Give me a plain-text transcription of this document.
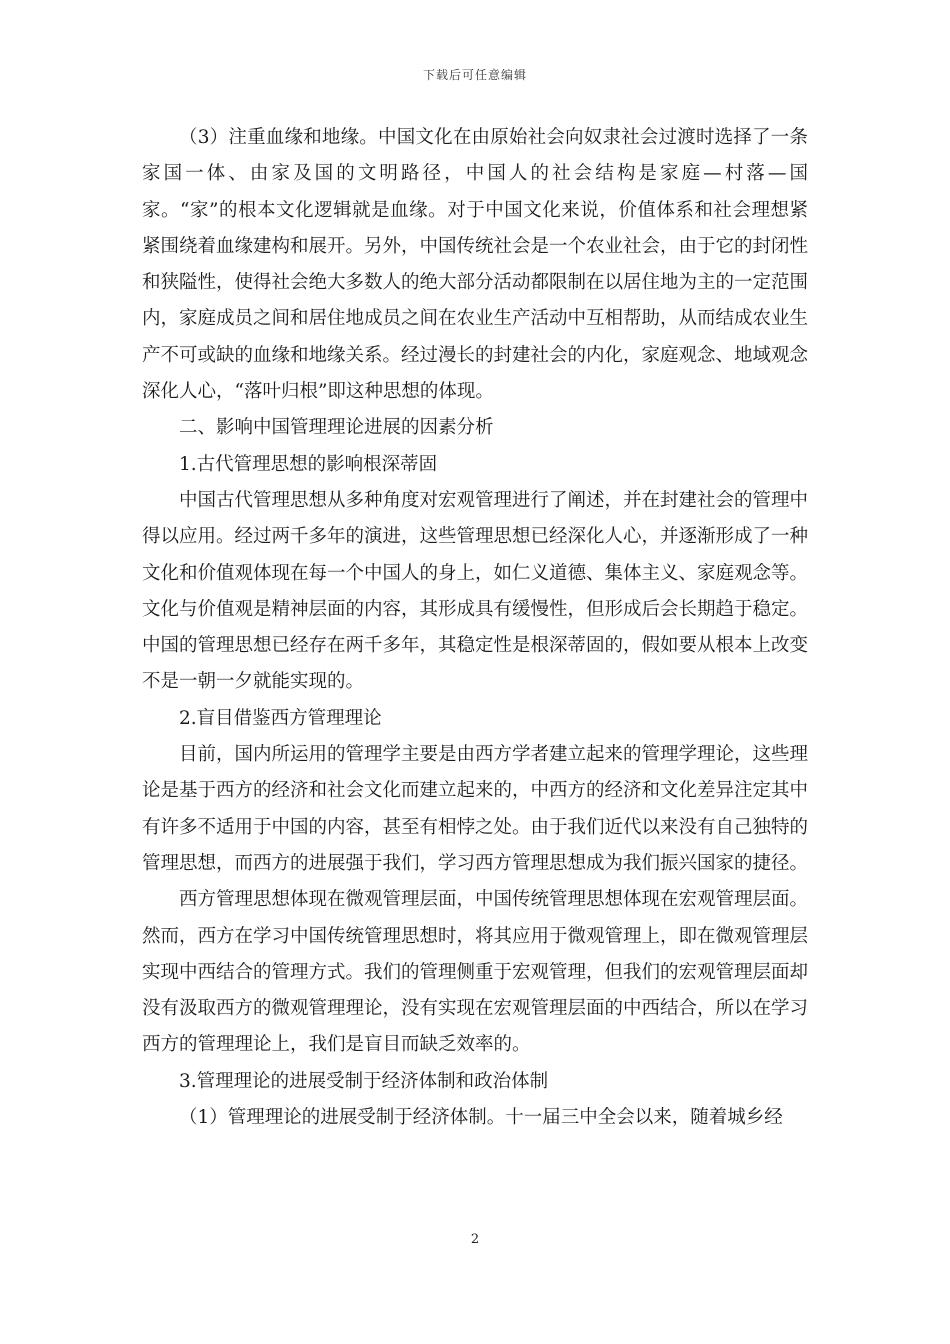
下载后可任意编辑

（3）注重血缘和地缘。中国文化在由原始社会向奴隶社会过渡时选择了一条家国一体、由家及国的文明路径，中国人的社会结构是家庭—村落—国家。“家”的根本文化逻辑就是血缘。对于中国文化来说，价值体系和社会理想紧紧围绕着血缘建构和展开。另外，中国传统社会是一个农业社会，由于它的封闭性和狭隘性，使得社会绝大多数人的绝大部分活动都限制在以居住地为主的一定范围内，家庭成员之间和居住地成员之间在农业生产活动中互相帮助，从而结成农业生产不可或缺的血缘和地缘关系。经过漫长的封建社会的内化，家庭观念、地域观念深化人心，“落叶归根”即这种思想的体现。

二、影响中国管理理论进展的因素分析

1.古代管理思想的影响根深蒂固

中国古代管理思想从多种角度对宏观管理进行了阐述，并在封建社会的管理中得以应用。经过两千多年的演进，这些管理思想已经深化人心，并逐渐形成了一种文化和价值观体现在每一个中国人的身上，如仁义道德、集体主义、家庭观念等。文化与价值观是精神层面的内容，其形成具有缓慢性，但形成后会长期趋于稳定。中国的管理思想已经存在两千多年，其稳定性是根深蒂固的，假如要从根本上改变不是一朝一夕就能实现的。

2.盲目借鉴西方管理理论

目前，国内所运用的管理学主要是由西方学者建立起来的管理学理论，这些理论是基于西方的经济和社会文化而建立起来的，中西方的经济和文化差异注定其中有许多不适用于中国的内容，甚至有相悖之处。由于我们近代以来没有自己独特的管理思想，而西方的进展强于我们，学习西方管理思想成为我们振兴国家的捷径。

西方管理思想体现在微观管理层面，中国传统管理思想体现在宏观管理层面。然而，西方在学习中国传统管理思想时，将其应用于微观管理上，即在微观管理层实现中西结合的管理方式。我们的管理侧重于宏观管理，但我们的宏观管理层面却没有汲取西方的微观管理理论，没有实现在宏观管理层面的中西结合，所以在学习西方的管理理论上，我们是盲目而缺乏效率的。

3.管理理论的进展受制于经济体制和政治体制

（1）管理理论的进展受制于经济体制。十一届三中全会以来，随着城乡经

2
